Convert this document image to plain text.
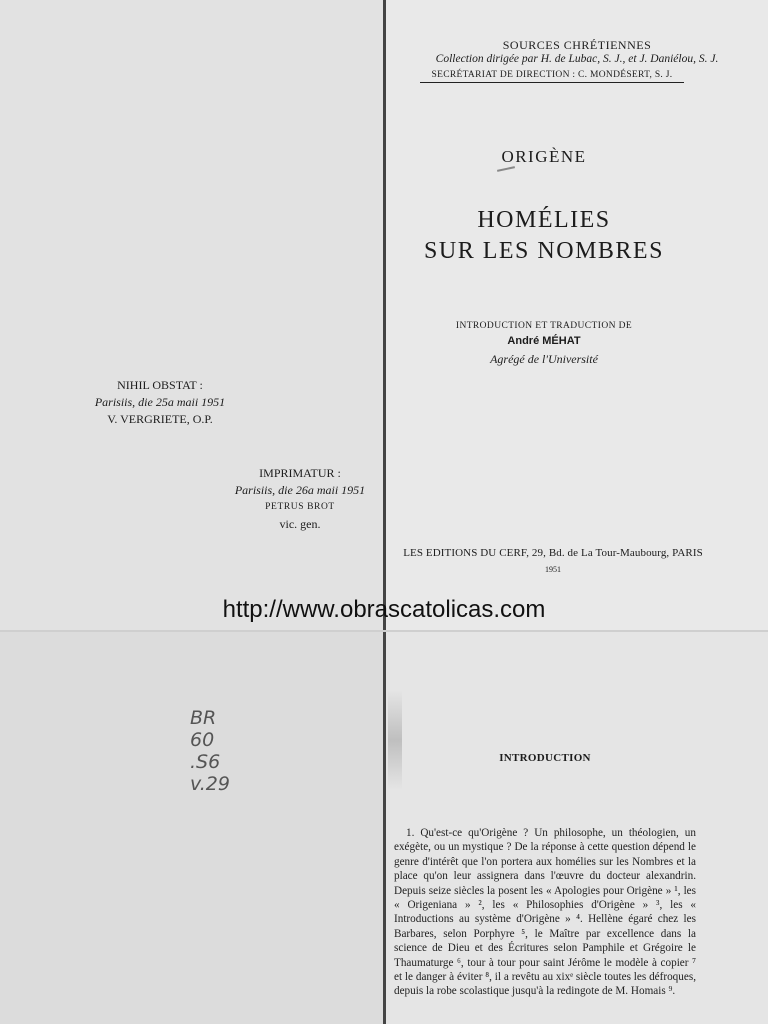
SOURCES CHRÉTIENNES
Collection dirigée par H. de Lubac, S. J., et J. Daniélou, S. J.
SECRÉTARIAT DE DIRECTION : C. MONDÉSERT, S. J.
ORIGÈNE
HOMÉLIES
SUR LES NOMBRES
INTRODUCTION ET TRADUCTION DE
André MÉHAT
Agrégé de l'Université
LES EDITIONS DU CERF, 29, Bd. de La Tour-Maubourg, PARIS
1951
NIHIL OBSTAT :
Parisiis, die 25a maii 1951
V. VERGRIETE, O.P.
IMPRIMATUR :
Parisiis, die 26a maii 1951
PETRUS BROT
vic. gen.
http://www.obrascatolicas.com
BR
60
.S6
v.29
INTRODUCTION
1. Qu'est-ce qu'Origène ? Un philosophe, un théologien, un exégète, ou un mystique ? De la réponse à cette question dépend le genre d'intérêt que l'on portera aux homélies sur les Nombres et la place qu'on leur assignera dans l'œuvre du docteur alexandrin. Depuis seize siècles la posent les « Apologies pour Origène » ¹, les « Origeniana » ², les « Philosophies d'Origène » ³, les « Introductions au système d'Origène » ⁴. Hellène égaré chez les Barbares, selon Porphyre ⁵, le Maître par excellence dans la science de Dieu et des Écritures selon Pamphile et Grégoire le Thaumaturge ⁶, tour à tour pour saint Jérôme le modèle à copier ⁷ et le danger à éviter ⁸, il a revêtu au xixᵉ siècle toutes les défroques, depuis la robe scolastique jusqu'à la redingote de M. Homais ⁹.
